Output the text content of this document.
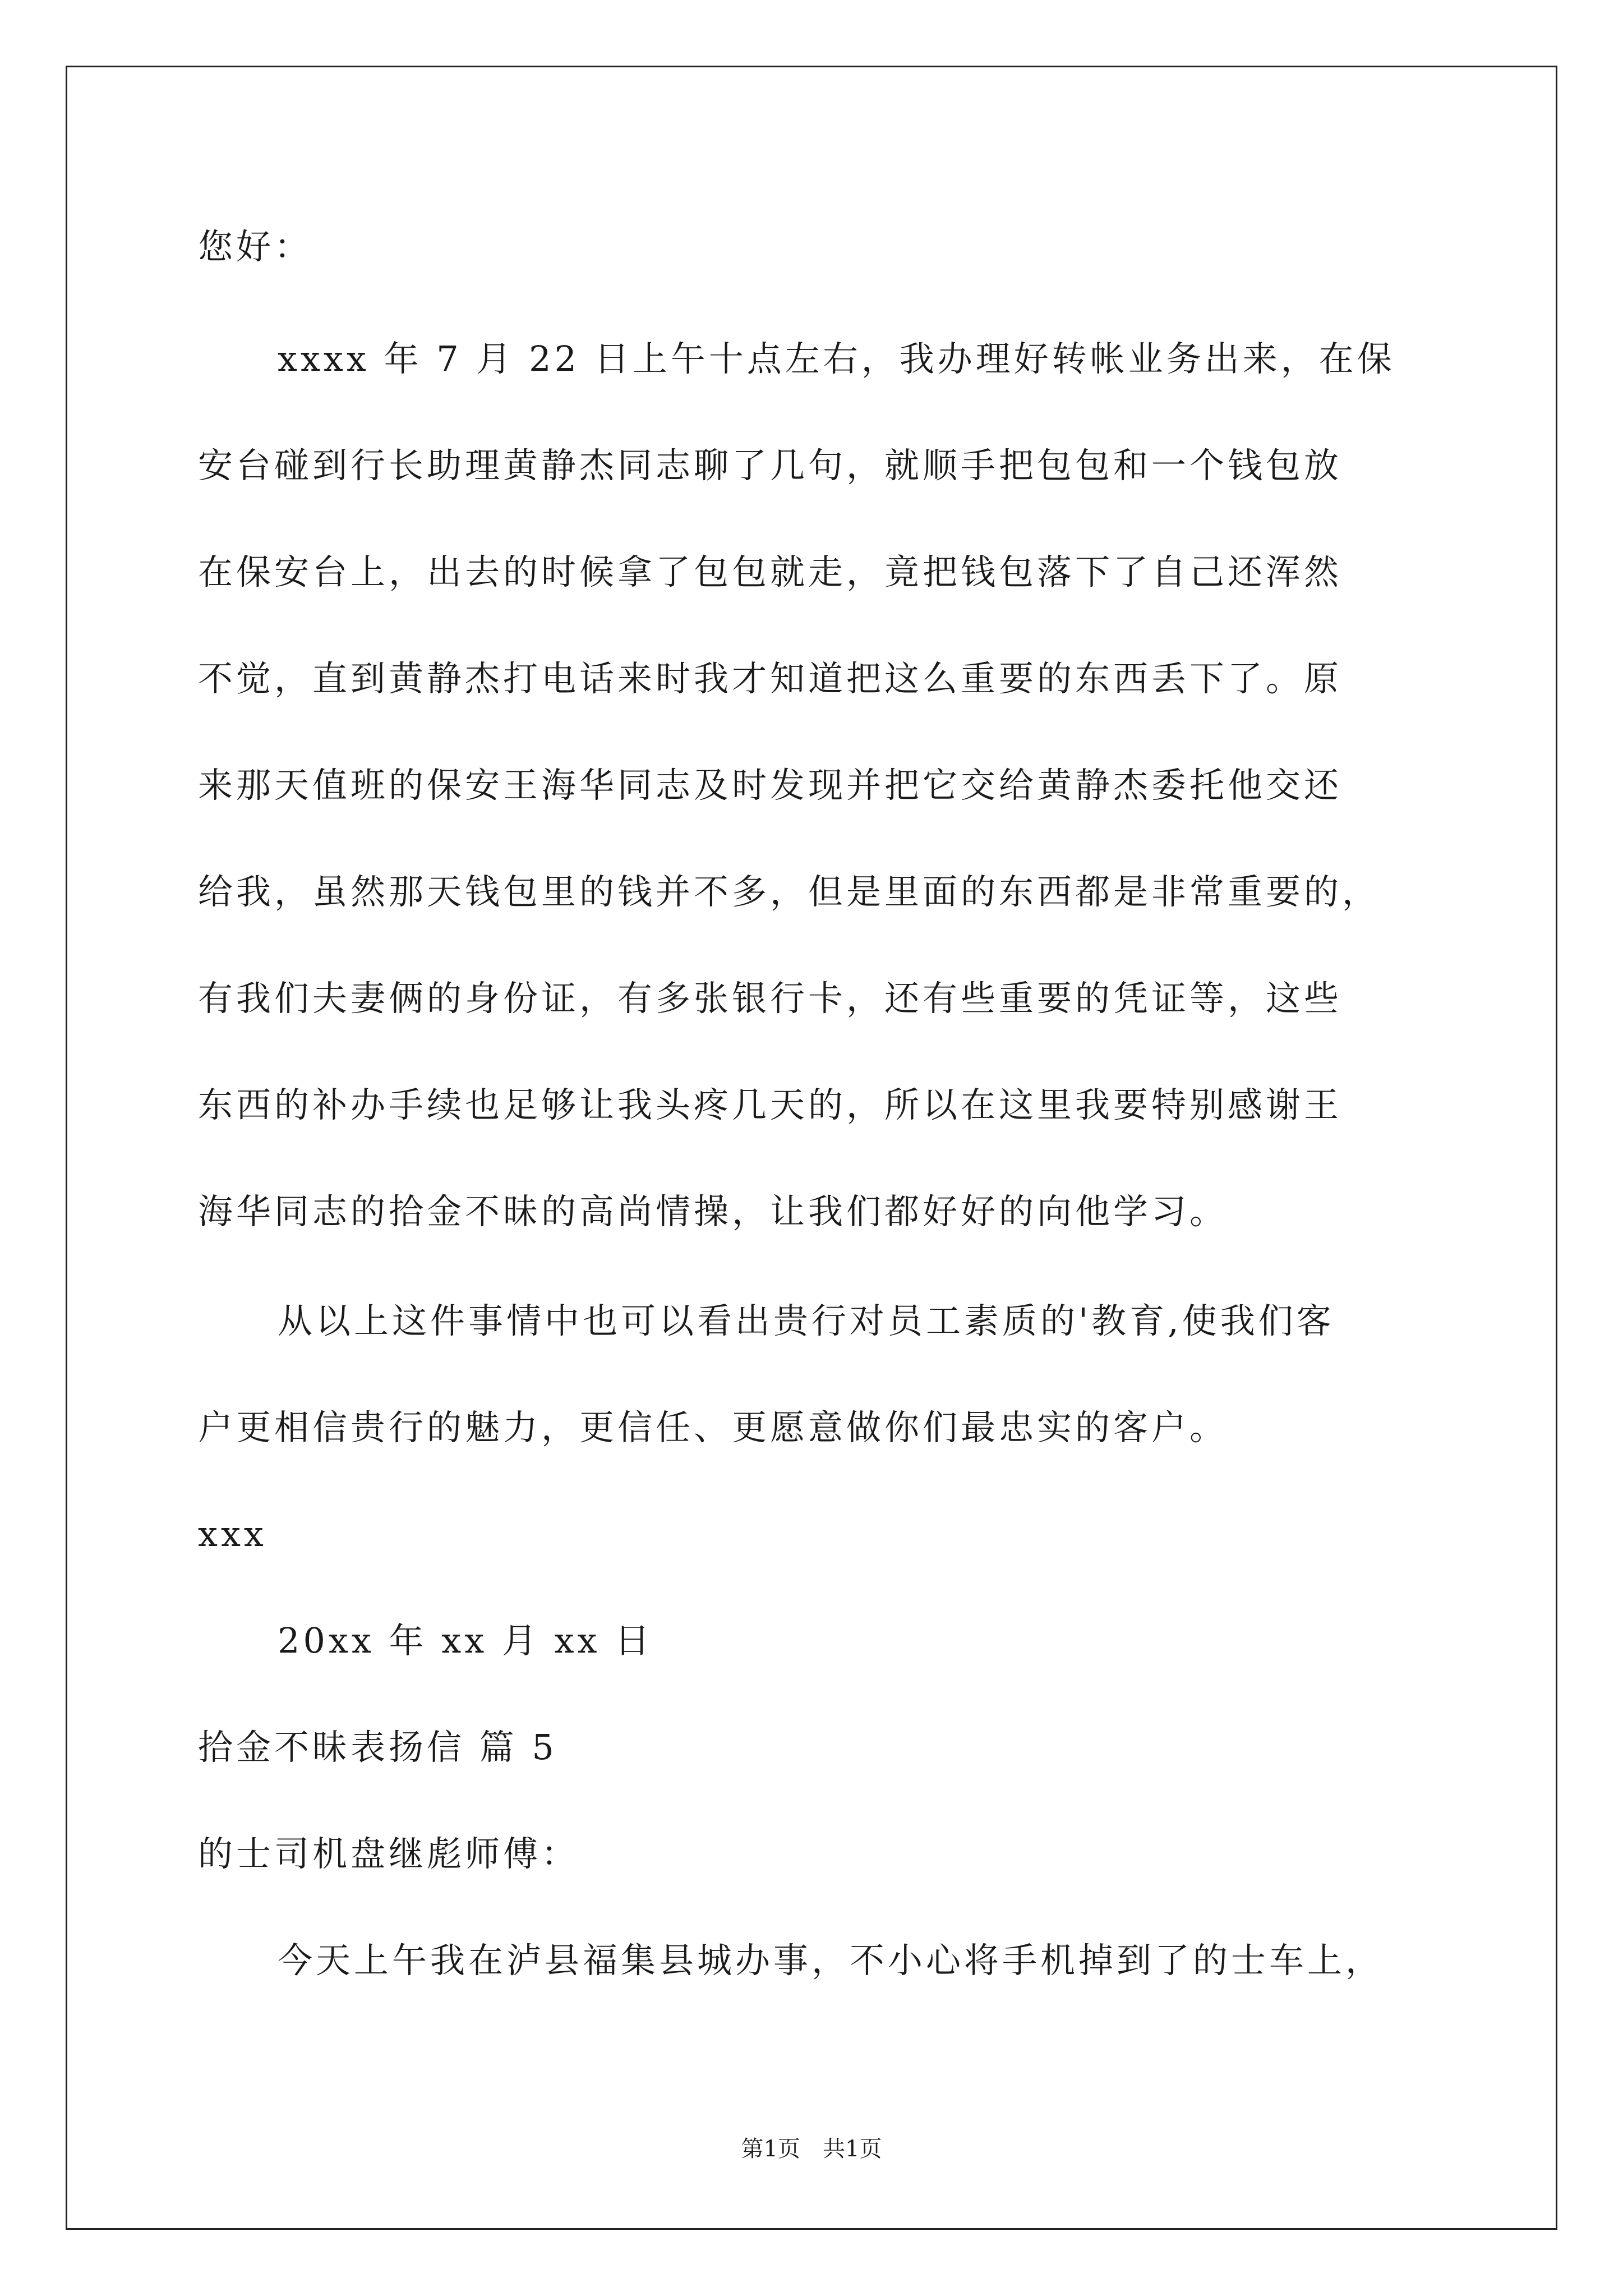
您好：
xxxx 年 7 月 22 日上午十点左右，我办理好转帐业务出来，在保
安台碰到行长助理黄静杰同志聊了几句，就顺手把包包和一个钱包放
在保安台上，出去的时候拿了包包就走，竟把钱包落下了自己还浑然
不觉，直到黄静杰打电话来时我才知道把这么重要的东西丢下了。原
来那天值班的保安王海华同志及时发现并把它交给黄静杰委托他交还
给我，虽然那天钱包里的钱并不多，但是里面的东西都是非常重要的，
有我们夫妻俩的身份证，有多张银行卡，还有些重要的凭证等，这些
东西的补办手续也足够让我头疼几天的，所以在这里我要特别感谢王
海华同志的拾金不昧的高尚情操，让我们都好好的向他学习。
从以上这件事情中也可以看出贵行对员工素质的'教育,使我们客
户更相信贵行的魅力，更信任、更愿意做你们最忠实的客户。
xxx
20xx 年 xx 月 xx 日
拾金不昧表扬信 篇 5
的士司机盘继彪师傅：
今天上午我在泸县福集县城办事，不小心将手机掉到了的士车上，
第1页 共1页
